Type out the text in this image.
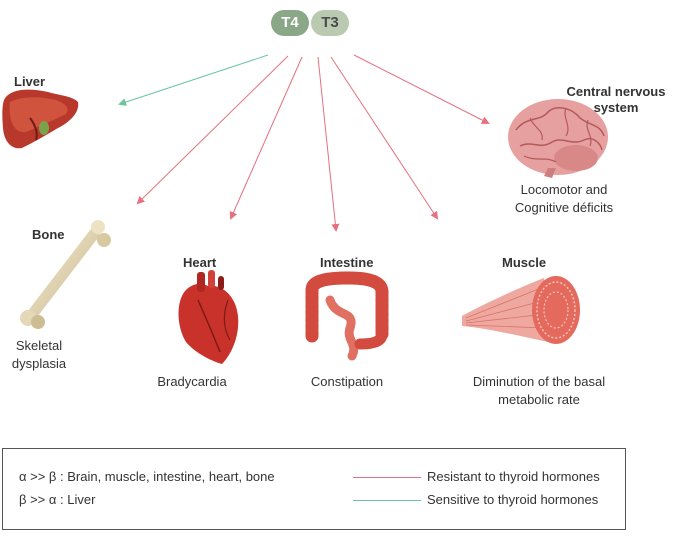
T4	T3
Liver
Central nervous
system
Locomotor and
Cognitive déficits
Bone
Skeletal
dysplasia
Heart
Bradycardia
Intestine
Constipation
Muscle
Diminution of the basal
metabolic rate
α >> β : Brain, muscle, intestine, heart, bone
β >> α : Liver
Resistant to thyroid hormones
Sensitive to thyroid hormones
